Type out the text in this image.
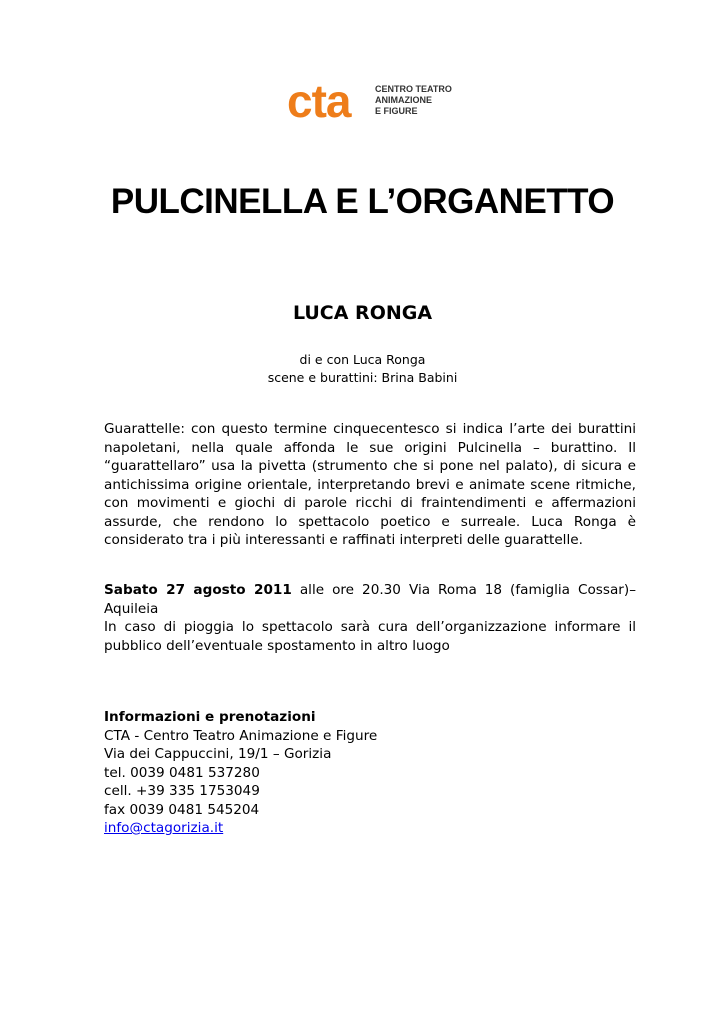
cta	CENTRO TEATRO
ANIMAZIONE
E FIGURE
PULCINELLA E L’ORGANETTO
LUCA RONGA
di e con Luca Ronga
scene e burattini: Brina Babini

Guarattelle: con questo termine cinquecentesco si indica l’arte dei burattini napoletani, nella quale affonda le sue origini Pulcinella – burattino. Il “guarattellaro” usa la pivetta (strumento che si pone nel palato), di sicura e antichissima origine orientale, interpretando brevi e animate scene ritmiche, con movimenti e giochi di parole ricchi di fraintendimenti e affermazioni assurde, che rendono lo spettacolo poetico e surreale. Luca Ronga è considerato tra i più interessanti e raffinati interpreti delle guarattelle.

Sabato 27 agosto 2011 alle ore 20.30 Via Roma 18 (famiglia Cossar)–
Aquileia
In caso di pioggia lo spettacolo sarà cura dell’organizzazione informare il pubblico dell’eventuale spostamento in altro luogo
Informazioni e prenotazioni
CTA - Centro Teatro Animazione e Figure
Via dei Cappuccini, 19/1 – Gorizia
tel. 0039 0481 537280
cell. +39 335 1753049
fax 0039 0481 545204
info@ctagorizia.it
